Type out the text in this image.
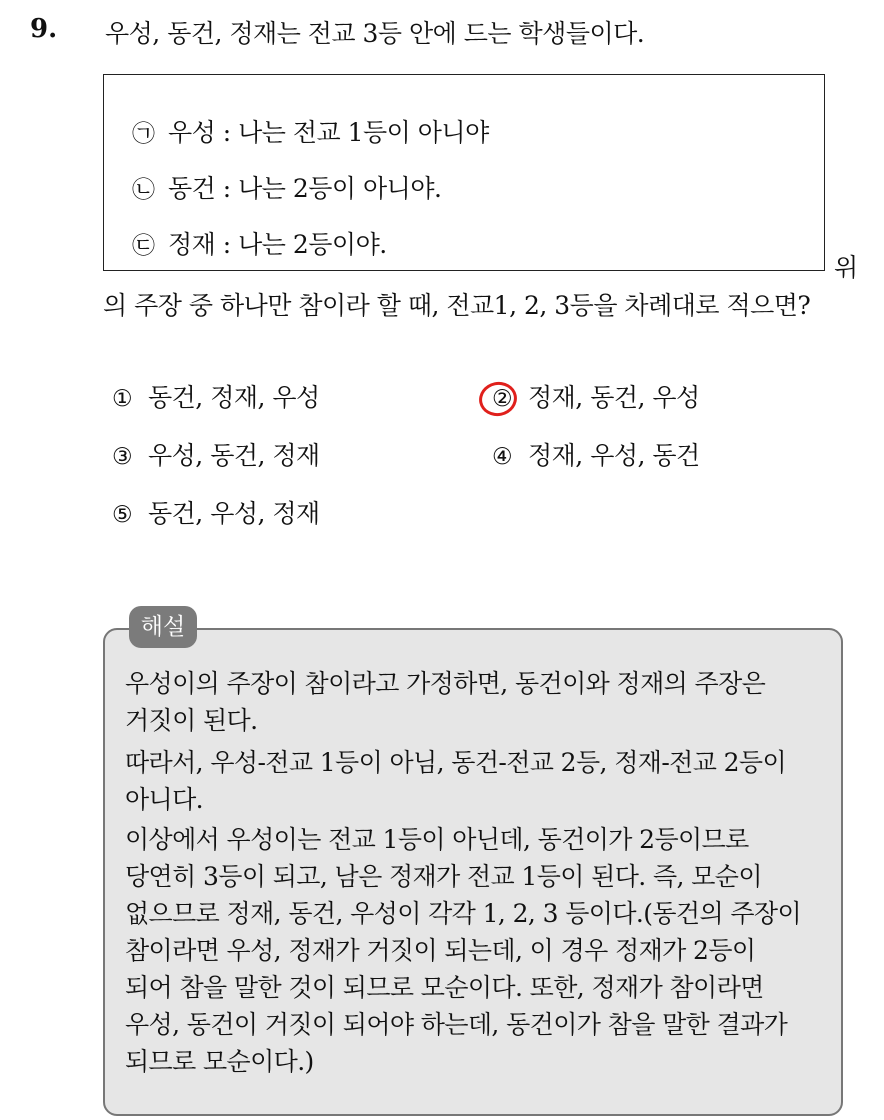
9. 우성, 동건, 정재는 전교 3등 안에 드는 학생들이다.
㉠ 우성 : 나는 전교 1등이 아니야
㉡ 동건 : 나는 2등이 아니야.
㉢ 정재 : 나는 2등이야.
위
의 주장 중 하나만 참이라 할 때, 전교1, 2, 3등을 차례대로 적으면?
① 동건, 정재, 우성	② 정재, 동건, 우성
③ 우성, 동건, 정재	④ 정재, 우성, 동건
⑤ 동건, 우성, 정재
해설
우성이의 주장이 참이라고 가정하면, 동건이와 정재의 주장은
거짓이 된다.
따라서, 우성-전교 1등이 아님, 동건-전교 2등, 정재-전교 2등이
아니다.
이상에서 우성이는 전교 1등이 아닌데, 동건이가 2등이므로
당연히 3등이 되고, 남은 정재가 전교 1등이 된다. 즉, 모순이
없으므로 정재, 동건, 우성이 각각 1, 2, 3 등이다.(동건의 주장이
참이라면 우성, 정재가 거짓이 되는데, 이 경우 정재가 2등이
되어 참을 말한 것이 되므로 모순이다. 또한, 정재가 참이라면
우성, 동건이 거짓이 되어야 하는데, 동건이가 참을 말한 결과가
되므로 모순이다.)
